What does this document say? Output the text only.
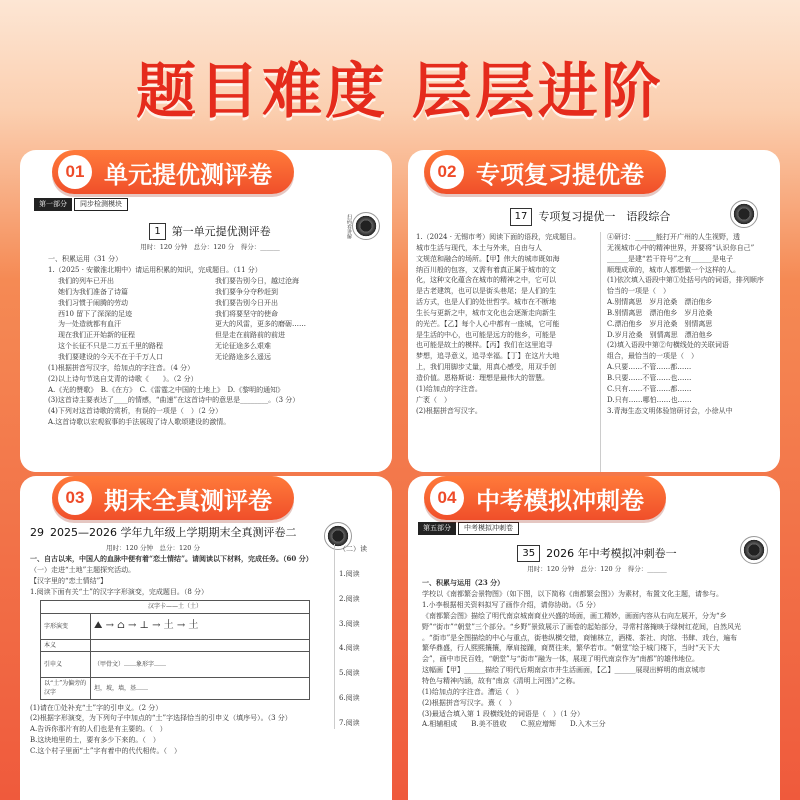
题目难度 层层进阶
第一部分 同步检测模块
1	第一单元提优测评卷
用时：120 分钟　总分：120 分　得分：______
扫码看讲解
一、积累运用（31 分）
1.（2025 · 安徽淮北期中）请运用积累的知识，完成题目。（11 分）
我们的列车已开出	我们要告别今日，越过沧海
她们为我们准备了诗篇	我们要争分夺秒赶到
我们习惯于闹腾的劳动	我们要告别今日开出
西10 留下了深深的足迹	我们将要坚守的使命
为一处造就都有血汗	更大的风雷，更多的磨砺……
现在我们正开始新的征程	但是走在前路前的前进
这个长征不只是二万五千里的路程	无论征途多么艰难
我们要建设的今天不在于千万人口	无论路途多么遥远
(1)根据拼音写汉字，给加点的字注音。（4 分）
(2)以上诗句节选自艾青的诗歌《　　》。（2 分）
A.《光的赞歌》　B.《在方》　C.《雷霆之中国的土地上》　D.《黎明的通知》
(3)这首诗主要表达了____的情感，“曲速”在这首诗中的意思是________。（3 分）
(4)下列对这首诗歌的赏析，有误的一项是（　）（2 分）
A.这首诗歌以宏观叙事的手法展现了诗人歌颂建设的激情。
01 单元提优测评卷
17	专项复习提优一　语段综合
1.（2024 · 无锡市考）阅读下面的语段，完成题目。
城市生活与现代，本土与外来，自由与人
文规范和融合的场所。【甲】伟大的城市既如海
纳百川般的包容，又需有着真正属于城市的文
化，这种文化蕴含在城市的精神之中，它可以
是古老建筑，也可以是街头巷尾；是人们的生
活方式，也是人们的处世哲学。城市在不断地
生长与更新之中，城市文化也会逐渐走向新生
的光芒。【乙】每个人心中都有一座城，它可能
是生活的中心，也可能是远方的他乡，可能是
也可能是故土的模样。【丙】我们在这里追寻
梦想，追寻意义，追寻幸福。【丁】在这片大地
上，我们用脚步丈量，用真心感受，用双手创
造价值。恩格斯说：理想是最伟大的智慧。
(1)给加点的字注音。
广袤（　）
(2)根据拼音写汉字。
④研讨：______能打开广州的人生视野，透
无视城市心中的精神世界，并要将“认识你自己”
______是建“若干符号”之有______是电子
顺理成章的，城市人都想做一个这样的人。
(1)依次填入语段中第①处括号内的词语，排列顺序
恰当的一项是（　）
A.别情离思　岁月沧桑　漂泊他乡
B.别情离思　漂泊他乡　岁月沧桑
C.漂泊他乡　岁月沧桑　别情离思
D.岁月沧桑　别情离思　漂泊他乡
(2)填入语段中第②句横线处的关联词语
组合，最恰当的一项是（　）
A.只要……不管……都……
B.只要……不管……也……
C.只有……不管……都……
D.只有……哪怕……也……
3.青海生态文明体验馆研讨会，小徐从中
02 专项复习提优卷
29 2025—2026 学年九年级上学期期末全真测评卷二
用时：120 分钟　总分：120 分
一、自古以来，中国人的血脉中便有着“恋土情结”。请阅读以下材料，完成任务。（60 分）
（一）走进“土地”主题探究活动。
【汉字里的“恋土情结”】
1.阅读下面有关“土”的汉字字形演变，完成题目。（8 分）
汉字卡——土（土）	
字形演变	⛰ → ⌂ → ⊥ → 土 → 土
本义	
引申义	（甲骨文）……象形字……
以“土”为偏旁的汉字	坦，坡，墙，基……
(1)请在①处补充“土”字的引申义。（2 分）
(2)根据字形演变，为下列句子中加点的“土”字选择恰当的引申义（填序号）。（3 分）
A.告诉你那片有的人们也是有主要的。（　）
B.这块地里的土，要有多少下来的。（　）
C.这个村子里面“土”字有着中的代代相传。（　）
（二）读
1.阅读
2.阅读
3.阅读
4.阅读
5.阅读
6.阅读
7.阅读
03 期末全真测评卷
第五部分 中考模拟冲刺卷
35	2026 年中考模拟冲刺卷一
用时：120 分钟　总分：120 分　得分：______
一、积累与运用（23 分）
学校以《南都繁会景物图》（如下图，以下简称《南都繁会图》）为素材，布置文化主题，请参与。
1.小李根据相关资料拟写了画作介绍，请你协助。（5 分）
《南都繁会图》描绘了明代南京城南商业兴盛的场面，画工精妙，画面内容从右向左展开，分为“乡
野”“街市”“朝堂”三个部分。“乡野”景致展示了画卷的起始部分，寻常村落掩映于绿树红花间，自然风光
。“街市”是全图描绘的中心与重点，街巷纵横交错，商铺林立，酒楼、茶社、肉馆、书肆、戏台，遍布
繁华鼎盛，行人熙熙攘攘，摩肩接踵，商贾往来，繁华若市。“朝堂”绘于城门楼下，当时“天下大
会”，画中市民百姓，“朝堂”与“街市”融为一体，展现了明代南京作为“南都”的雄伟地位。
这幅画【甲】______描绘了明代后期南京市井生活画面，【乙】______展现出鲜明的南京城市
特色与精神内涵，故有“南京《清明上河图》”之称。
(1)给加点的字注音。漕运（　）
(2)根据拼音写汉字。熹（　）
(3)最适合填入第 1 段横线处的词语是（　）（1 分）
A.相辅相成　　B.美不胜收　　C.照应增辉　　D.入木三分
04 中考模拟冲刺卷
